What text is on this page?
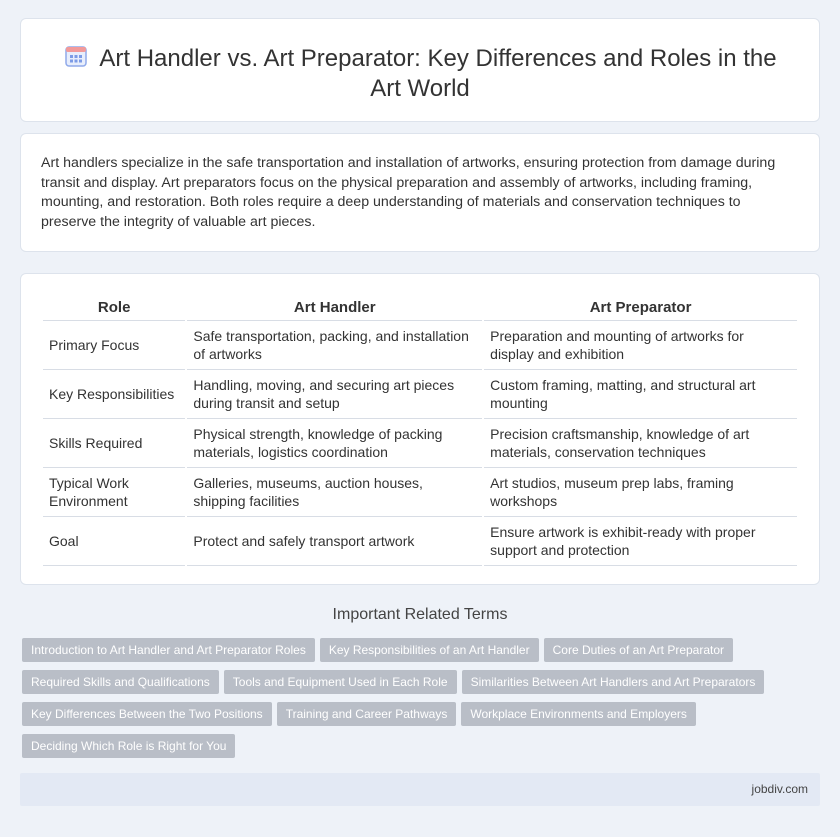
Art Handler vs. Art Preparator: Key Differences and Roles in the Art World

Art handlers specialize in the safe transportation and installation of artworks, ensuring protection from damage during transit and display. Art preparators focus on the physical preparation and assembly of artworks, including framing, mounting, and restoration. Both roles require a deep understanding of materials and conservation techniques to preserve the integrity of valuable art pieces.

Role	Art Handler	Art Preparator
Primary Focus	Safe transportation, packing, and installation of artworks	Preparation and mounting of artworks for display and exhibition
Key Responsibilities	Handling, moving, and securing art pieces during transit and setup	Custom framing, matting, and structural art mounting
Skills Required	Physical strength, knowledge of packing materials, logistics coordination	Precision craftsmanship, knowledge of art materials, conservation techniques
Typical Work Environment	Galleries, museums, auction houses, shipping facilities	Art studios, museum prep labs, framing workshops
Goal	Protect and safely transport artwork	Ensure artwork is exhibit-ready with proper support and protection
Important Related Terms
Introduction to Art Handler and Art Preparator Roles Key Responsibilities of an Art Handler Core Duties of an Art Preparator
Required Skills and Qualifications Tools and Equipment Used in Each Role Similarities Between Art Handlers and Art Preparators
Key Differences Between the Two Positions Training and Career Pathways Workplace Environments and Employers
Deciding Which Role is Right for You
jobdiv.com
